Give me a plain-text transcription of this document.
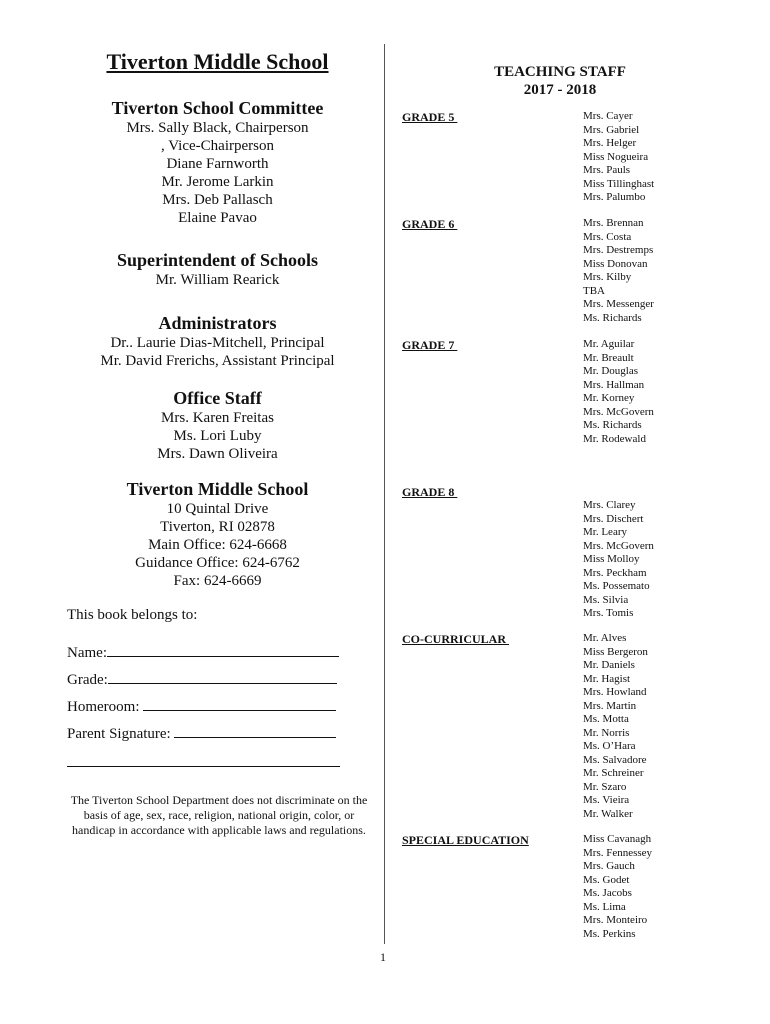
Tiverton Middle School

Tiverton School Committee

Mrs. Sally Black, Chairperson

, Vice-Chairperson

Diane Farnworth

Mr. Jerome Larkin

Mrs. Deb Pallasch

Elaine Pavao

Superintendent of Schools

Mr. William Rearick

Administrators

Dr.. Laurie Dias-Mitchell, Principal

Mr. David Frerichs, Assistant Principal

Office Staff

Mrs. Karen Freitas

Ms. Lori Luby

Mrs. Dawn Oliveira

Tiverton Middle School

10 Quintal Drive

Tiverton, RI 02878

Main Office: 624-6668

Guidance Office: 624-6762

Fax: 624-6669

This book belongs to:
Name:
Grade:
Homeroom:
Parent Signature:
The Tiverton School Department does not discriminate on the basis of age, sex, race, religion, national origin, color, or handicap in accordance with applicable laws and regulations.
TEACHING STAFF
2017 - 2018
GRADE 5	Mrs. Cayer
Mrs. Gabriel
Mrs. Helger
Miss Nogueira
Mrs. Pauls
Miss Tillinghast
Mrs. Palumbo
GRADE 6	Mrs. Brennan
Mrs. Costa
Mrs. Destremps
Miss Donovan
Mrs. Kilby
TBA
Mrs. Messenger
Ms. Richards
GRADE 7	Mr. Aguilar
Mr. Breault
Mr. Douglas
Mrs. Hallman
Mr. Korney
Mrs. McGovern
Ms. Richards
Mr. Rodewald
GRADE 8
Mrs. Clarey
Mrs. Dischert
Mr. Leary
Mrs. McGovern
Miss Molloy
Mrs. Peckham
Ms. Possemato
Ms. Silvia
Mrs. Tomis
CO-CURRICULAR	Mr. Alves
Miss Bergeron
Mr. Daniels
Mr. Hagist
Mrs. Howland
Mrs. Martin
Ms. Motta
Mr. Norris
Ms. O’Hara
Ms. Salvadore
Mr. Schreiner
Mr. Szaro
Ms. Vieira
Mr. Walker
SPECIAL EDUCATION	Miss Cavanagh
Mrs. Fennessey
Mrs. Gauch
Ms. Godet
Ms. Jacobs
Ms. Lima
Mrs. Monteiro
Ms. Perkins
1
